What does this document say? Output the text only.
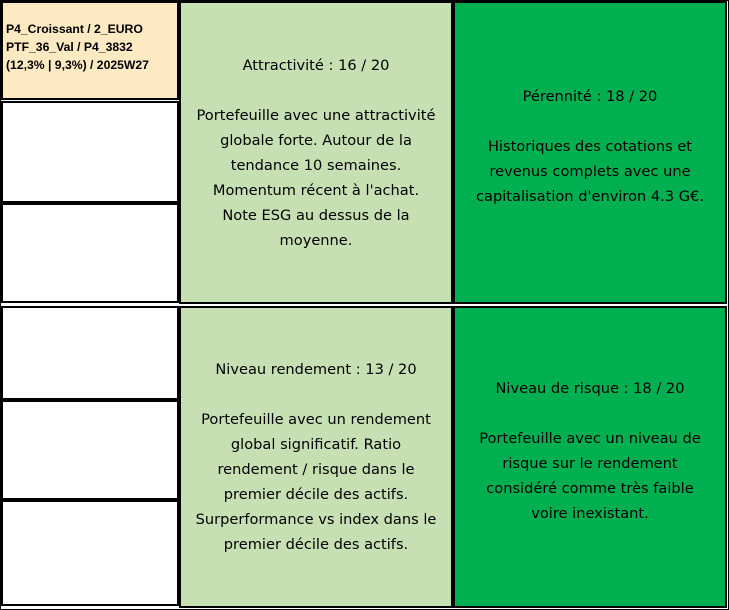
P4_Croissant / 2_EURO
PTF_36_Val / P4_3832
(12,3% | 9,3%) / 2025W27	Attractivité : 16 / 20
Portefeuille avec une attractivité
globale forte. Autour de la
tendance 10 semaines.
Momentum récent à l'achat.
Note ESG au dessus de la
moyenne.
Pérennité : 18 / 20
Historiques des cotations et
revenus complets avec une
capitalisation d'environ 4.3 G€.
Niveau rendement : 13 / 20
Portefeuille avec un rendement
global significatif. Ratio
rendement / risque dans le
premier décile des actifs.
Surperformance vs index dans le
premier décile des actifs.
Niveau de risque : 18 / 20
Portefeuille avec un niveau de
risque sur le rendement
considéré comme très faible
voire inexistant.
